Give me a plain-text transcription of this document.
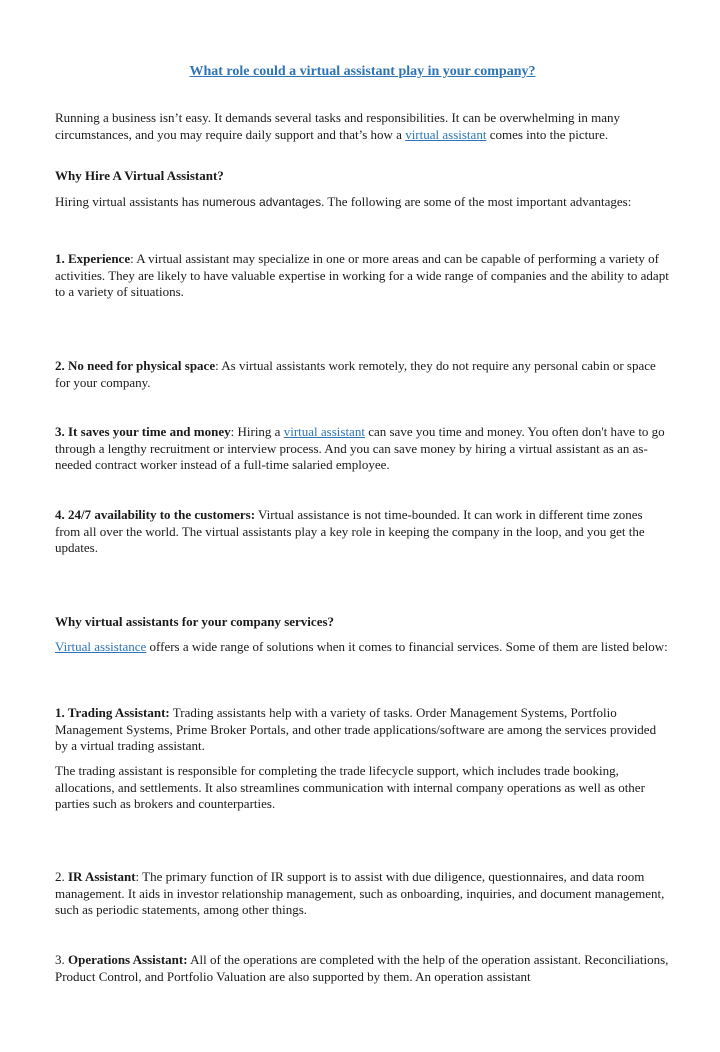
What role could a virtual assistant play in your company?

Running a business isn’t easy. It demands several tasks and responsibilities. It can be overwhelming in many circumstances, and you may require daily support and that’s how a virtual assistant comes into the picture.

Why Hire A Virtual Assistant?

Hiring virtual assistants has numerous advantages. The following are some of the most important advantages:

1. Experience: A virtual assistant may specialize in one or more areas and can be capable of performing a variety of activities. They are likely to have valuable expertise in working for a wide range of companies and the ability to adapt to a variety of situations.

2. No need for physical space: As virtual assistants work remotely, they do not require any personal cabin or space for your company.

3. It saves your time and money: Hiring a virtual assistant can save you time and money. You often don't have to go through a lengthy recruitment or interview process. And you can save money by hiring a virtual assistant as an as-needed contract worker instead of a full-time salaried employee.

4. 24/7 availability to the customers: Virtual assistance is not time-bounded. It can work in different time zones from all over the world. The virtual assistants play a key role in keeping the company in the loop, and you get the updates.

Why virtual assistants for your company services?

Virtual assistance offers a wide range of solutions when it comes to financial services. Some of them are listed below:

1. Trading Assistant: Trading assistants help with a variety of tasks. Order Management Systems, Portfolio Management Systems, Prime Broker Portals, and other trade applications/software are among the services provided by a virtual trading assistant.

The trading assistant is responsible for completing the trade lifecycle support, which includes trade booking, allocations, and settlements. It also streamlines communication with internal company operations as well as other parties such as brokers and counterparties.

2. IR Assistant: The primary function of IR support is to assist with due diligence, questionnaires, and data room management. It aids in investor relationship management, such as onboarding, inquiries, and document management, such as periodic statements, among other things.

3. Operations Assistant: All of the operations are completed with the help of the operation assistant. Reconciliations, Product Control, and Portfolio Valuation are also supported by them. An operation assistant
